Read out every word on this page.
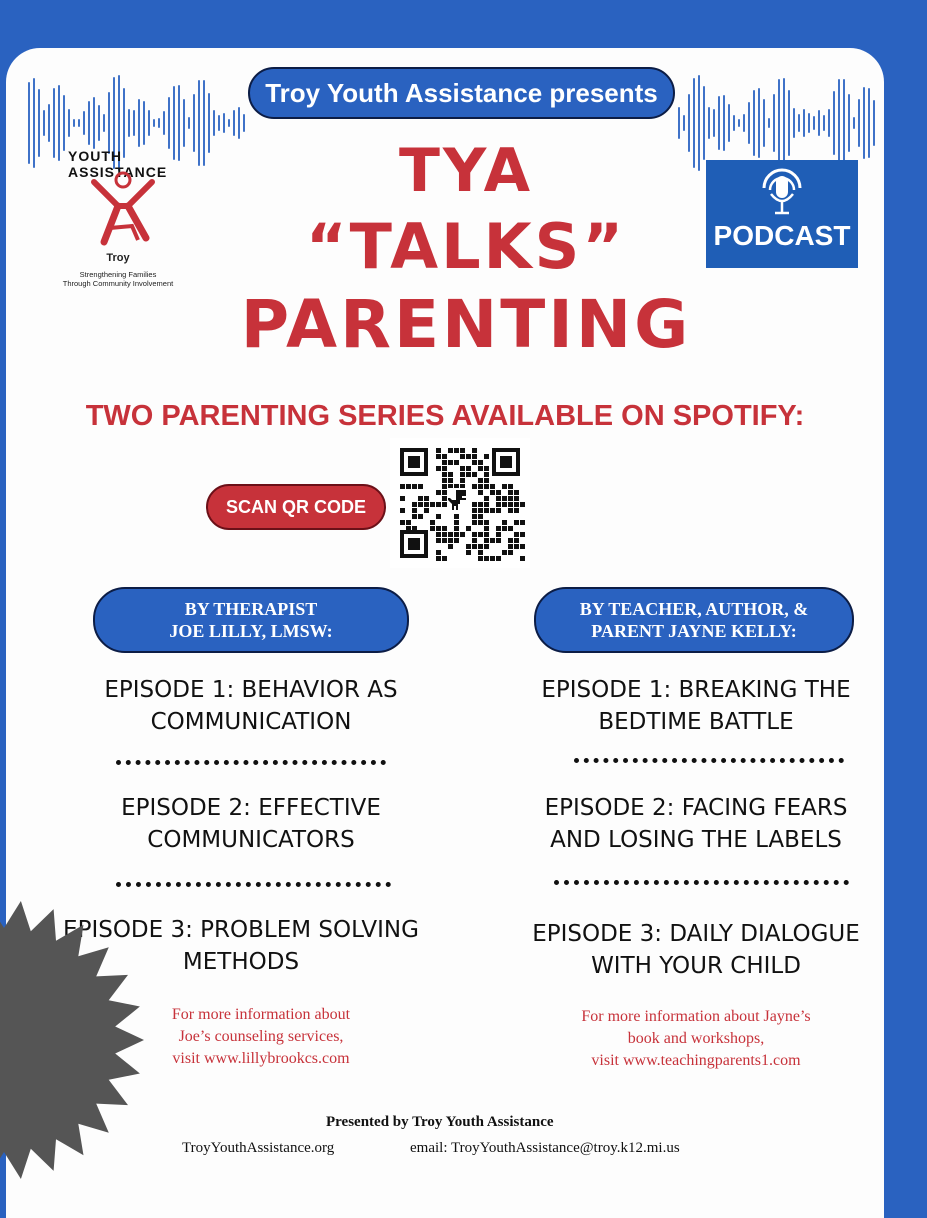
Troy Youth Assistance presents
YOUTH ASSISTANCE
Troy
Strengthening Families
Through Community Involvement
TYA
“TALKS”
PARENTING
PODCAST
TWO PARENTING SERIES AVAILABLE ON SPOTIFY:
SCAN QR CODE
BY THERAPIST
JOE LILLY, LMSW:
BY TEACHER, AUTHOR, &
PARENT JAYNE KELLY:
EPISODE 1: BEHAVIOR AS
COMMUNICATION
EPISODE 2: EFFECTIVE
COMMUNICATORS
EPISODE 3: PROBLEM SOLVING
METHODS
EPISODE 1: BREAKING THE
BEDTIME BATTLE
EPISODE 2: FACING FEARS
AND LOSING THE LABELS
EPISODE 3: DAILY DIALOGUE
WITH YOUR CHILD
For more information about
Joe’s counseling services,
visit www.lillybrookcs.com
For more information about Jayne’s
book and workshops,
visit www.teachingparents1.com
Presented by Troy Youth Assistance
TroyYouthAssistance.org	email: TroyYouthAssistance@troy.k12.mi.us
